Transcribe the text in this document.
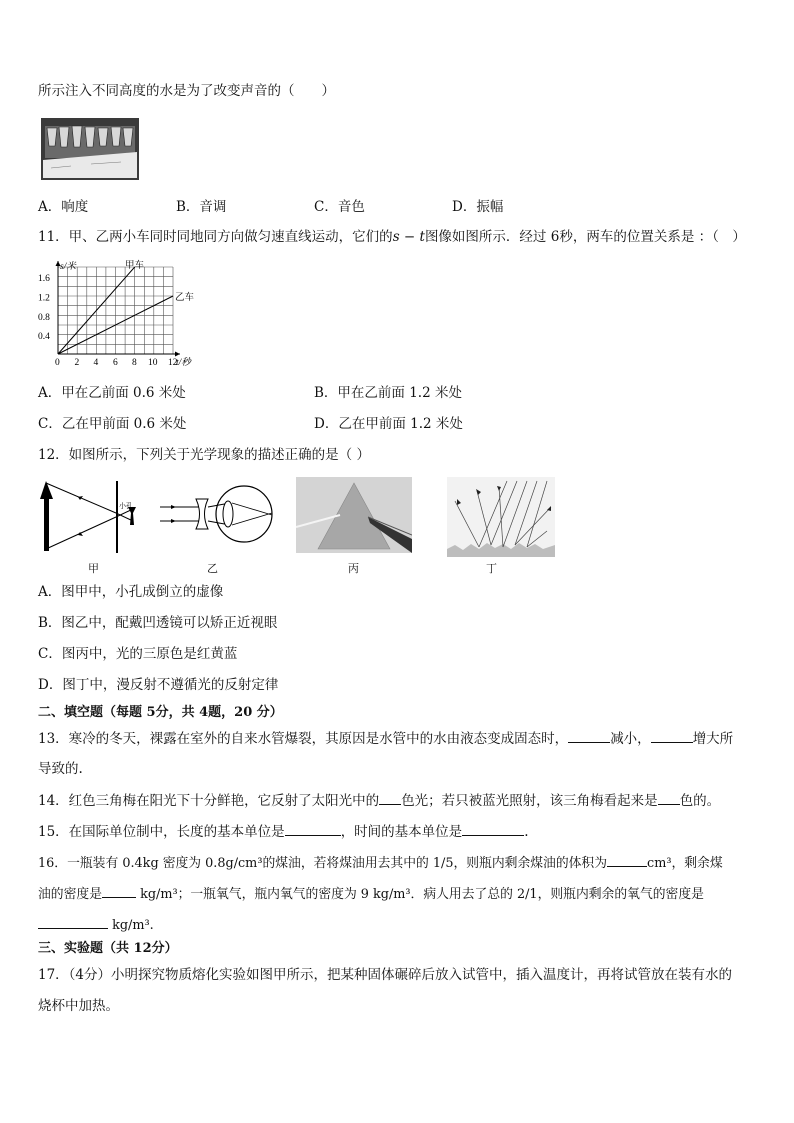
所示注入不同高度的水是为了改变声音的（　　）
A．响度	B．音调	C．音色	D．振幅
11．甲、乙两小车同时同地同方向做匀速直线运动，它们的s − t图像如图所示．经过 6秒，两车的位置关系是 ：（　）
0.4
0.8
1.2
1.6
0 2 4 6 8 10 12
s/米
t/秒
甲车
乙车
A．甲在乙前面 0.6 米处	B．甲在乙前面 1.2 米处
C．乙在甲前面 0.6 米处	D．乙在甲前面 1.2 米处
12．如图所示，下列关于光学现象的描述正确的是（ ）
小孔
甲	乙	丙	丁
A．图甲中，小孔成倒立的虚像
B．图乙中，配戴凹透镜可以矫正近视眼
C．图丙中，光的三原色是红黄蓝
D．图丁中，漫反射不遵循光的反射定律
二、填空题（每题 5分，共 4题，20 分）
13．寒冷的冬天，裸露在室外的自来水管爆裂，其原因是水管中的水由液态变成固态时，	减小，	增大所
导致的.
14．红色三角梅在阳光下十分鲜艳，它反射了太阳光中的 色光；若只被蓝光照射，该三角梅看起来是 色的。
15．在国际单位制中，长度的基本单位是	，时间的基本单位是	.
16．一瓶装有 0.4kg 密度为 0.8g/cm³的煤油，若将煤油用去其中的 1/5，则瓶内剩余煤油的体积为	cm³，剩余煤
油的密度是	kg/m³；一瓶氧气，瓶内氧气的密度为 9 kg/m³．病人用去了总的 2/1，则瓶内剩余的氧气的密度是
kg/m³.
三、实验题（共 12分）
17．（4分）小明探究物质熔化实验如图甲所示，把某种固体碾碎后放入试管中，插入温度计，再将试管放在装有水的
烧杯中加热。
